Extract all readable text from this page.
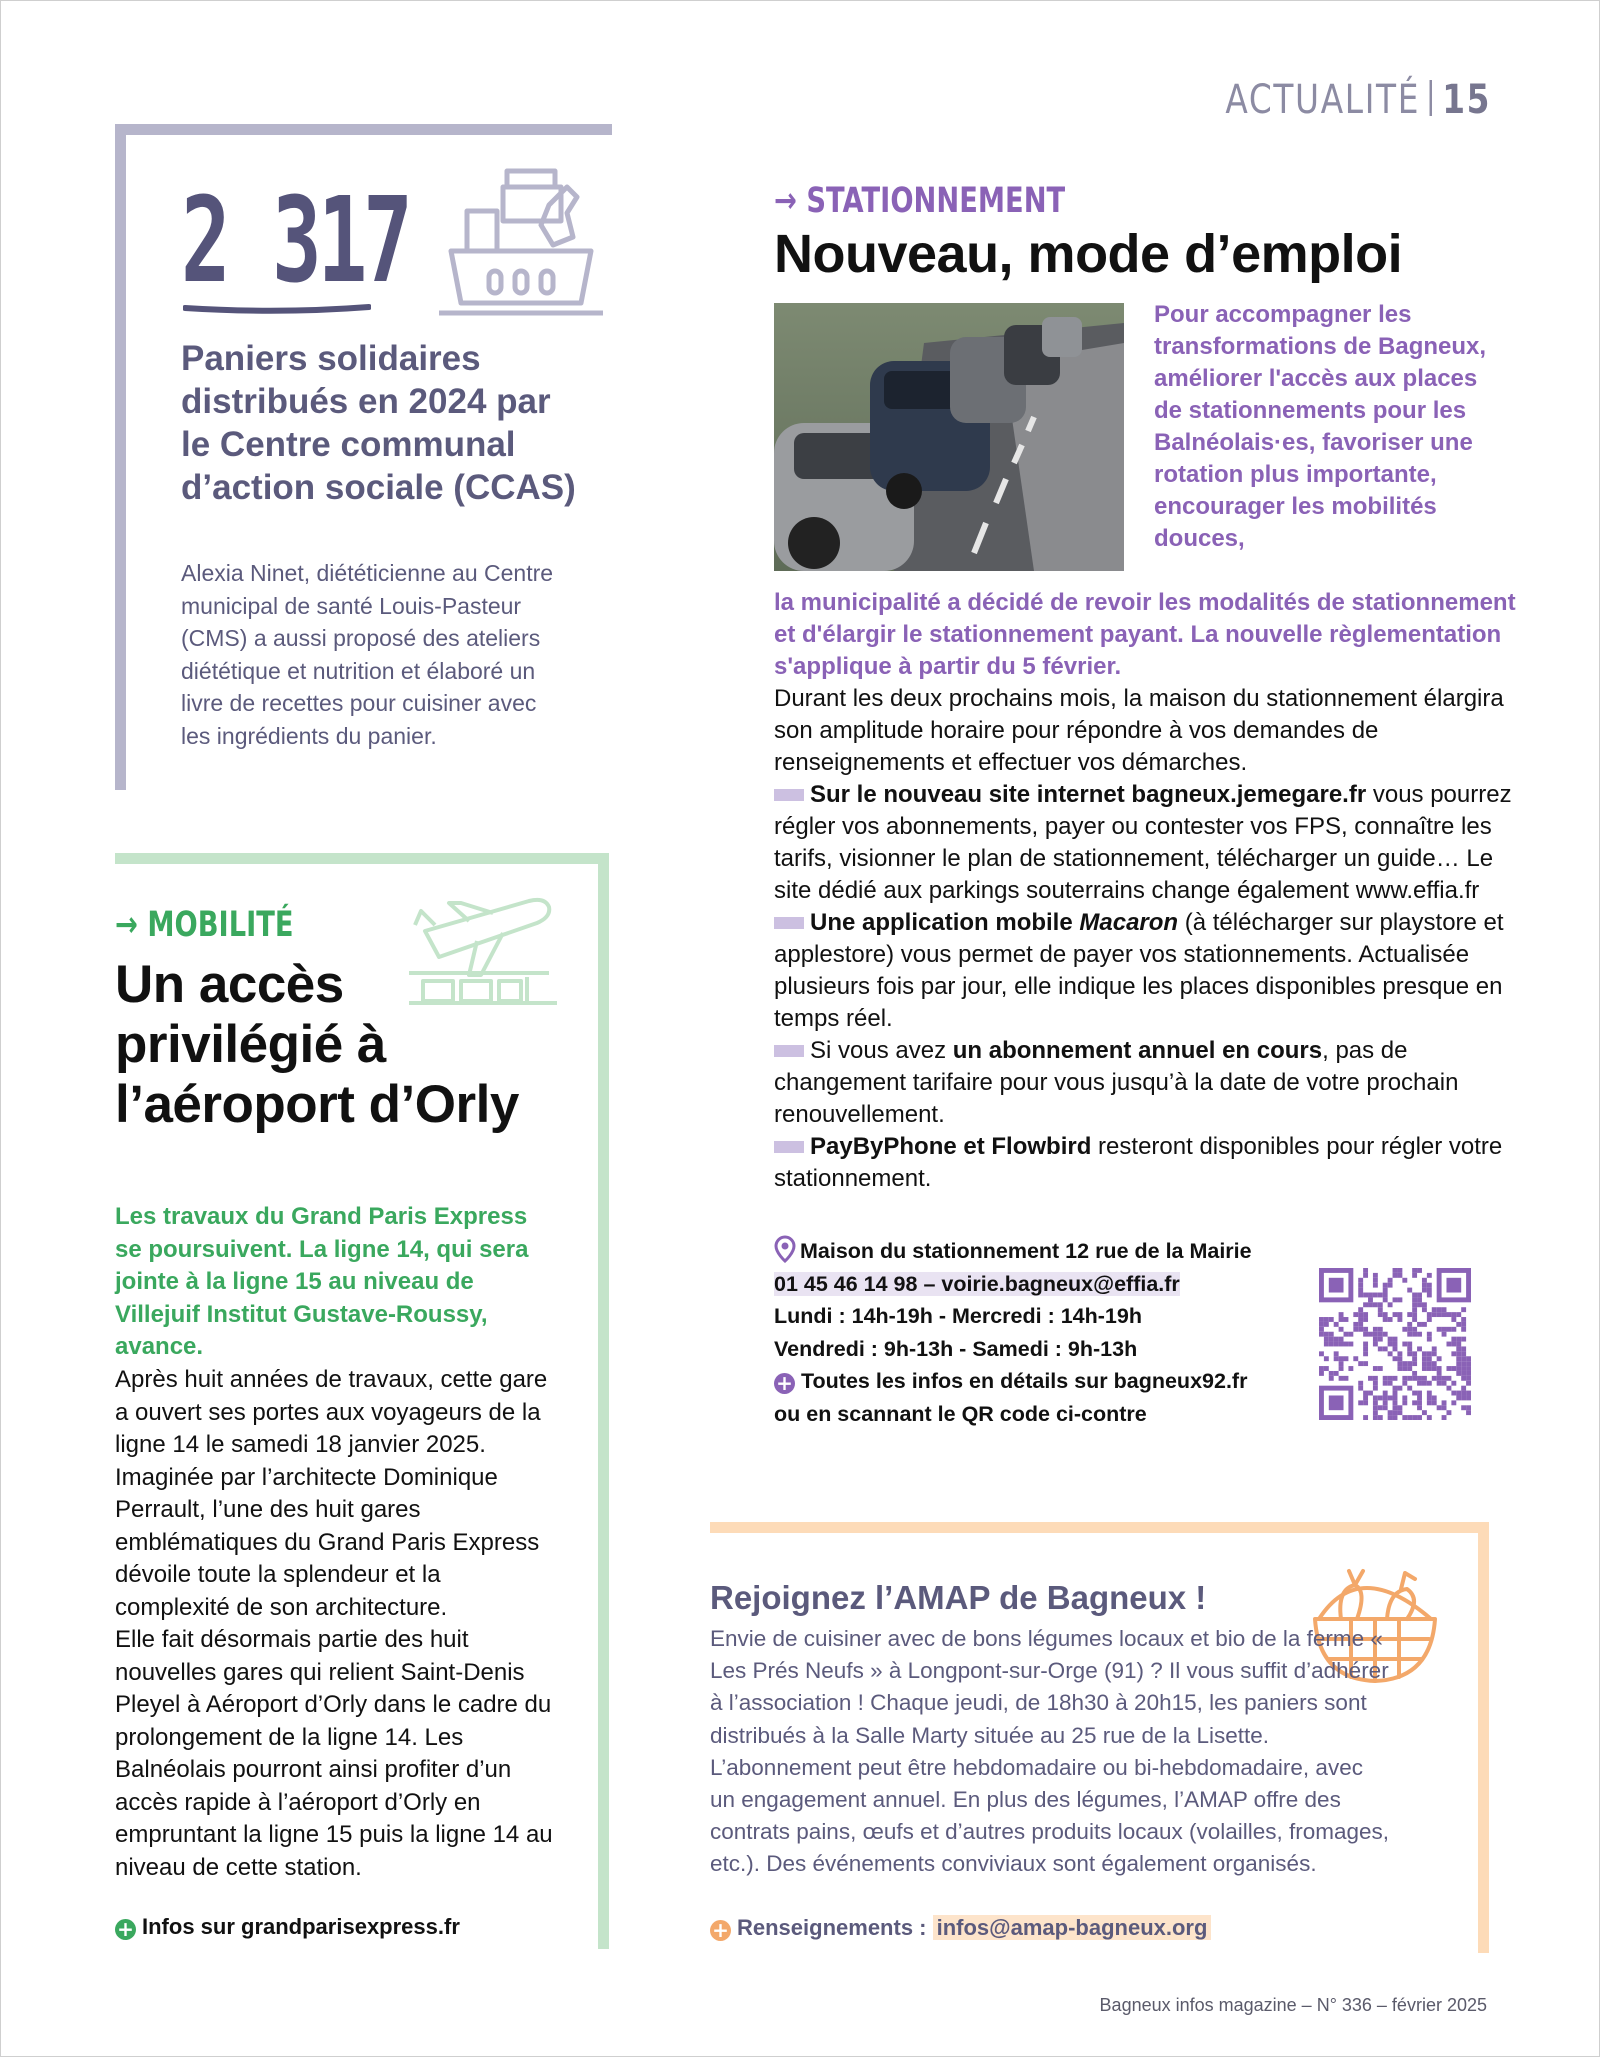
ACTUALITÉ 15
2 317
Paniers solidaires distribués en 2024 par le Centre communal d’action sociale (CCAS)
Alexia Ninet, diététicienne au Centre municipal de santé Louis-Pasteur (CMS) a aussi proposé des ateliers diététique et nutrition et élaboré un livre de recettes pour cuisiner avec les ingrédients du panier.
→ MOBILITÉ
Un accès privilégié à l’aéroport d’Orly
Les travaux du Grand Paris Express se poursuivent. La ligne 14, qui sera jointe à la ligne 15 au niveau de Villejuif Institut Gustave-Roussy, avance.
Après huit années de travaux, cette gare a ouvert ses portes aux voyageurs de la ligne 14 le samedi 18 janvier 2025. Imaginée par l’architecte Dominique Perrault, l’une des huit gares emblématiques du Grand Paris Express dévoile toute la splendeur et la complexité de son architecture.
Elle fait désormais partie des huit nouvelles gares qui relient Saint-Denis Pleyel à Aéroport d’Orly dans le cadre du prolongement de la ligne 14. Les Balnéolais pourront ainsi profiter d’un accès rapide à l’aéroport d’Orly en empruntant la ligne 15 puis la ligne 14 au niveau de cette station.
+ Infos sur grandparisexpress.fr
→ STATIONNEMENT
Nouveau, mode d’emploi
Pour accompagner les transformations de Bagneux, améliorer l'accès aux places de stationnements pour les Balnéolais·es, favoriser une rotation plus importante, encourager les mobilités douces,
la municipalité a décidé de revoir les modalités de stationnement et d'élargir le stationnement payant. La nouvelle règlementation s'applique à partir du 5 février.

Durant les deux prochains mois, la maison du stationnement élargira son amplitude horaire pour répondre à vos demandes de renseignements et effectuer vos démarches.

Sur le nouveau site internet bagneux.jemegare.fr vous pourrez régler vos abonnements, payer ou contester vos FPS, connaître les tarifs, visionner le plan de stationnement, télécharger un guide… Le site dédié aux parkings souterrains change également www.effia.fr

Une application mobile Macaron (à télécharger sur playstore et applestore) vous permet de payer vos stationnements. Actualisée plusieurs fois par jour, elle indique les places disponibles presque en temps réel.

Si vous avez un abonnement annuel en cours, pas de changement tarifaire pour vous jusqu’à la date de votre prochain renouvellement.

PayByPhone et Flowbird resteront disponibles pour régler votre stationnement.

Maison du stationnement 12 rue de la Mairie
01 45 46 14 98 – voirie.bagneux@effia.fr
Lundi : 14h-19h - Mercredi : 14h-19h
Vendredi : 9h-13h - Samedi : 9h-13h
+ Toutes les infos en détails sur bagneux92.fr
ou en scannant le QR code ci-contre
Rejoignez l’AMAP de Bagneux !
Envie de cuisiner avec de bons légumes locaux et bio de la ferme « Les Prés Neufs » à Longpont-sur-Orge (91) ? Il vous suffit d’adhérer à l’association ! Chaque jeudi, de 18h30 à 20h15, les paniers sont distribués à la Salle Marty située au 25 rue de la Lisette. L’abonnement peut être hebdomadaire ou bi-hebdomadaire, avec un engagement annuel. En plus des légumes, l’AMAP offre des contrats pains, œufs et d’autres produits locaux (volailles, fromages, etc.). Des événements conviviaux sont également organisés.
+ Renseignements : infos@amap-bagneux.org
Bagneux infos magazine – N° 336 – février 2025
